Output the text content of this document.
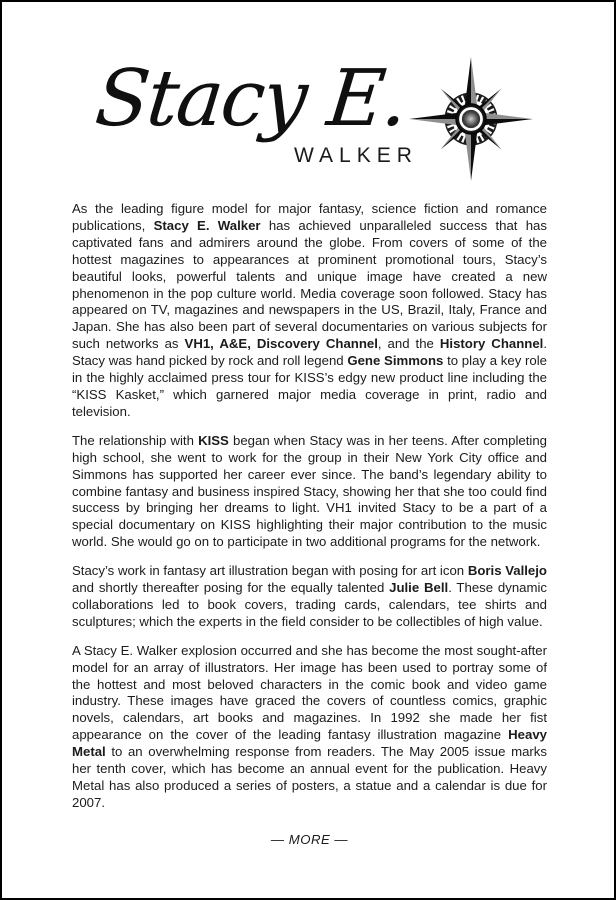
Stacy E.
WALKER

As the leading figure model for major fantasy, science fiction and romance publications, Stacy E. Walker has achieved unparalleled success that has captivated fans and admirers around the globe. From covers of some of the hottest magazines to appearances at prominent promotional tours, Stacy’s beautiful looks, powerful talents and unique image have created a new phenomenon in the pop culture world. Media coverage soon followed. Stacy has appeared on TV, magazines and newspapers in the US, Brazil, Italy, France and Japan. She has also been part of several documentaries on various subjects for such networks as VH1, A&E, Discovery Channel, and the History Channel. Stacy was hand picked by rock and roll legend Gene Simmons to play a key role in the highly acclaimed press tour for KISS’s edgy new product line including the “KISS Kasket,” which garnered major media coverage in print, radio and television.

The relationship with KISS began when Stacy was in her teens. After completing high school, she went to work for the group in their New York City office and Simmons has supported her career ever since. The band’s legendary ability to combine fantasy and business inspired Stacy, showing her that she too could find success by bringing her dreams to light. VH1 invited Stacy to be a part of a special documentary on KISS highlighting their major contribution to the music world. She would go on to participate in two additional programs for the network.

Stacy’s work in fantasy art illustration began with posing for art icon Boris Vallejo and shortly thereafter posing for the equally talented Julie Bell. These dynamic collaborations led to book covers, trading cards, calendars, tee shirts and sculptures; which the experts in the field consider to be collectibles of high value.

A Stacy E. Walker explosion occurred and she has become the most sought-after model for an array of illustrators. Her image has been used to portray some of the hottest and most beloved characters in the comic book and video game industry. These images have graced the covers of countless comics, graphic novels, calendars, art books and magazines. In 1992 she made her fist appearance on the cover of the leading fantasy illustration magazine Heavy Metal to an overwhelming response from readers. The May 2005 issue marks her tenth cover, which has become an annual event for the publication. Heavy Metal has also produced a series of posters, a statue and a calendar is due for 2007.

— MORE —
